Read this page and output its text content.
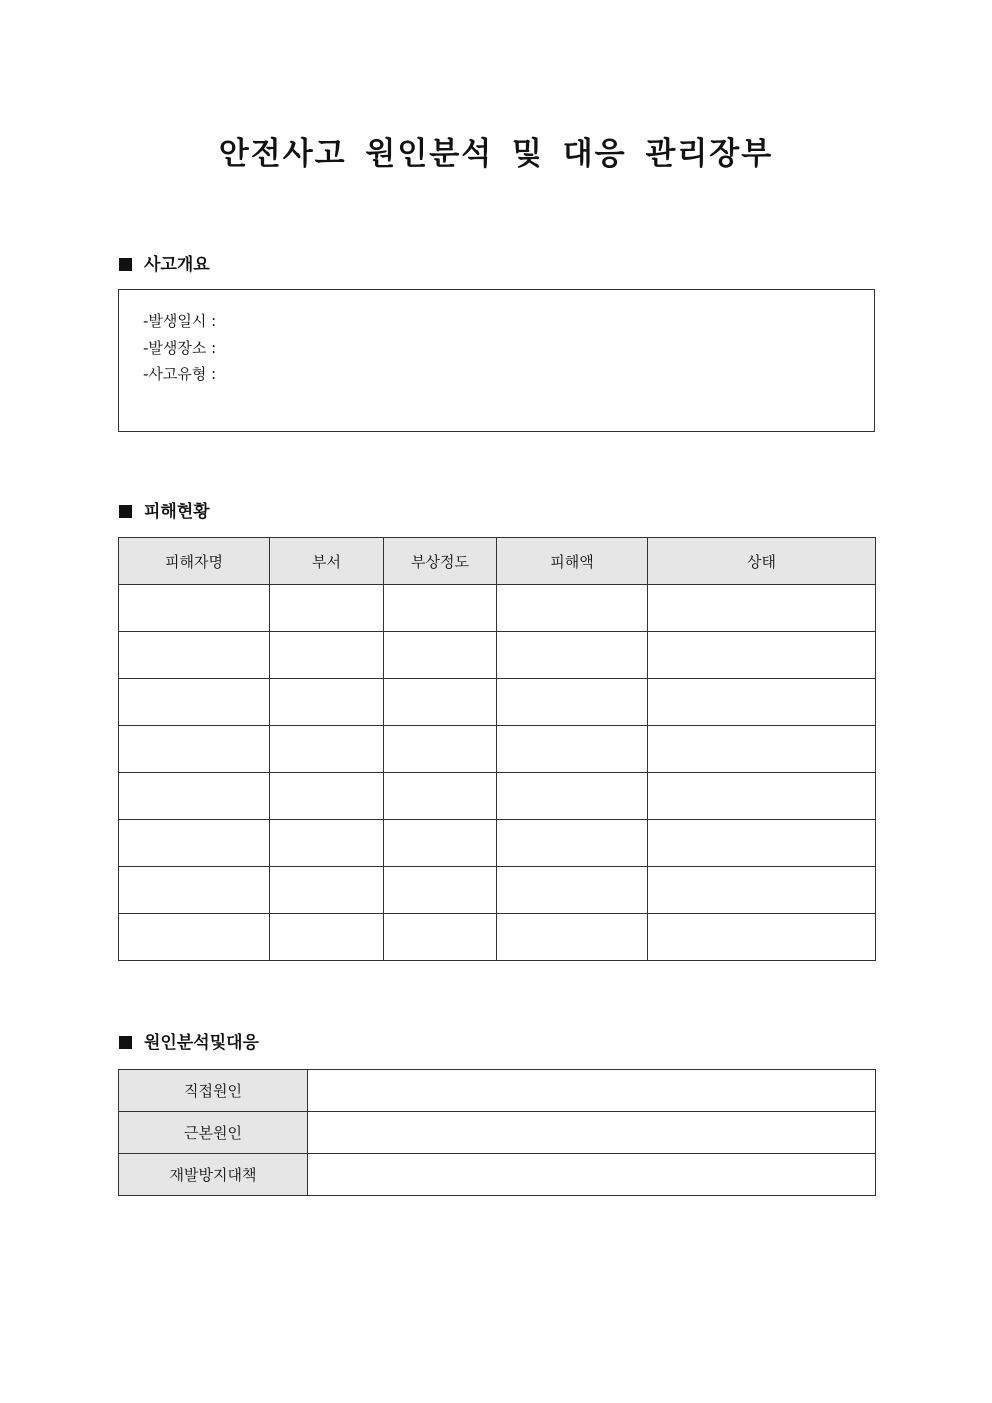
안전사고 원인분석 및 대응 관리장부
사고개요
-발생일시 :
-발생장소 :
-사고유형 :
피해현황
피해자명	부서	부상정도	피해액	상태

원인분석및대응
직접원인	
근본원인	
재발방지대책	
